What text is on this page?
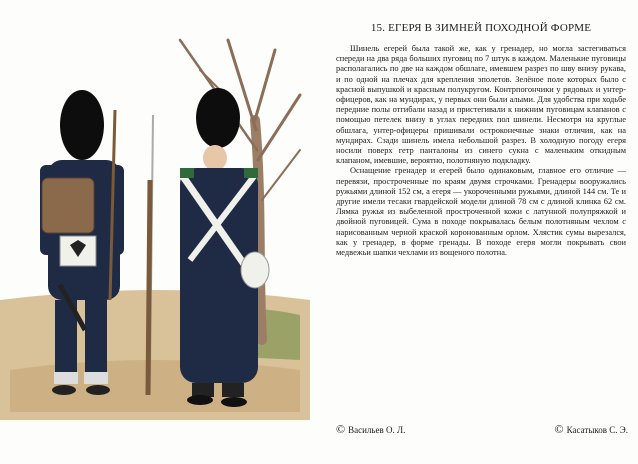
15. ЕГЕРЯ В ЗИМНЕЙ ПОХОДНОЙ ФОРМЕ

Шинель егерей была такой же, как у гренадер, но могла застегиваться спереди на два ряда больших пуговиц по 7 штук в каждом. Маленькие пуговицы располагались по две на каждом обшлаге, имевшем разрез по шву внизу рукава, и по одной на плечах для крепления эполетов. Зелёное поле которых было с красной выпушкой и красным полукругом. Контрпогончики у рядовых и унтер-офицеров, как на мундирах, у первых они были алыми. Для удобства при ходьбе передние полы отгибали назад и пристегивали к нижним пуговицам клапанов с помощью петелек внизу в углах передних пол шинели. Несмотря на круглые обшлага, унтер-офицеры пришивали остроконечные знаки отличия, как на мундирах. Сзади шинель имела небольшой разрез. В холодную погоду егеря носили поверх гетр панталоны из синего сукна с маленьким откидным клапаном, имевшие, вероятно, полотняную подкладку.

Оснащение гренадер и егерей было одинаковым, главное его отличие — перевязи, простроченные по краям двумя строчками. Гренадеры вооружались ружьями длиной 152 см, а егеря — укороченными ружьями, длиной 144 см. Те и другие имели тесаки гвардейской модели длиной 78 см с длиной клинка 62 см. Лямка ружья из выбеленной простроченной кожи с латунной полупряжкой и двойной пуговицей. Сума в походе покрывалась белым полотняным чехлом с нарисованным черной краской коронованным орлом. Хлястик сумы вырезался, как у гренадер, в форме гренады. В походе егеря могли покрывать свои медвежьи шапки чехлами из вощеного полотна.

© Васильев О. Л.	© Касатыков С. Э.
